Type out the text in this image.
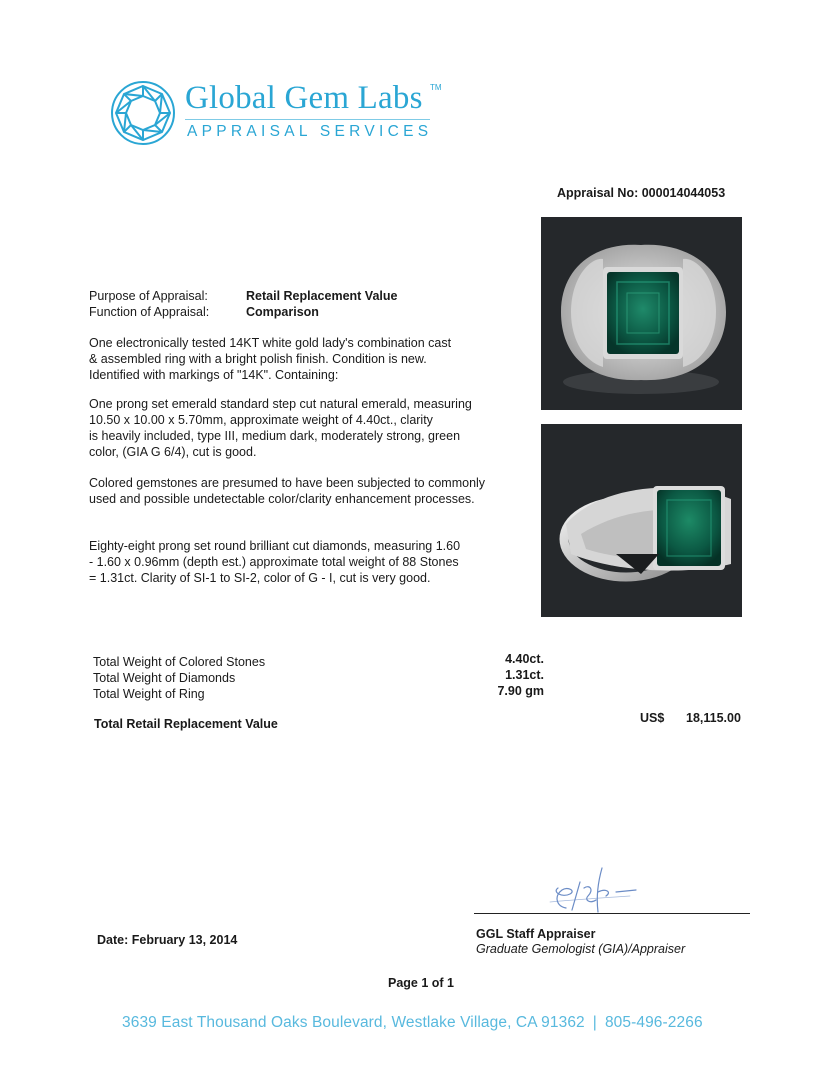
Global Gem Labs TM
APPRAISAL SERVICES
Appraisal No: 000014044053
Purpose of Appraisal:	Retail Replacement Value
Function of Appraisal:	Comparison
One electronically tested 14KT white gold lady's combination cast
& assembled ring with a bright polish finish. Condition is new.
Identified with markings of "14K". Containing:
One prong set emerald standard step cut natural emerald, measuring
10.50 x 10.00 x 5.70mm, approximate weight of 4.40ct., clarity
is heavily included, type III, medium dark, moderately strong, green
color, (GIA G 6/4), cut is good.
Colored gemstones are presumed to have been subjected to commonly
used and possible undetectable color/clarity enhancement processes.
Eighty-eight prong set round brilliant cut diamonds, measuring 1.60
- 1.60 x 0.96mm (depth est.) approximate total weight of 88 Stones
= 1.31ct. Clarity of SI-1 to SI-2, color of G - I, cut is very good.
Total Weight of Colored Stones	4.40ct.
Total Weight of Diamonds	1.31ct.
Total Weight of Ring	7.90 gm
Total Retail Replacement Value	US$ 18,115.00
GGL Staff Appraiser
Graduate Gemologist (GIA)/Appraiser
Date: February 13, 2014
Page 1 of 1
3639 East Thousand Oaks Boulevard, Westlake Village, CA 91362 | 805-496-2266
